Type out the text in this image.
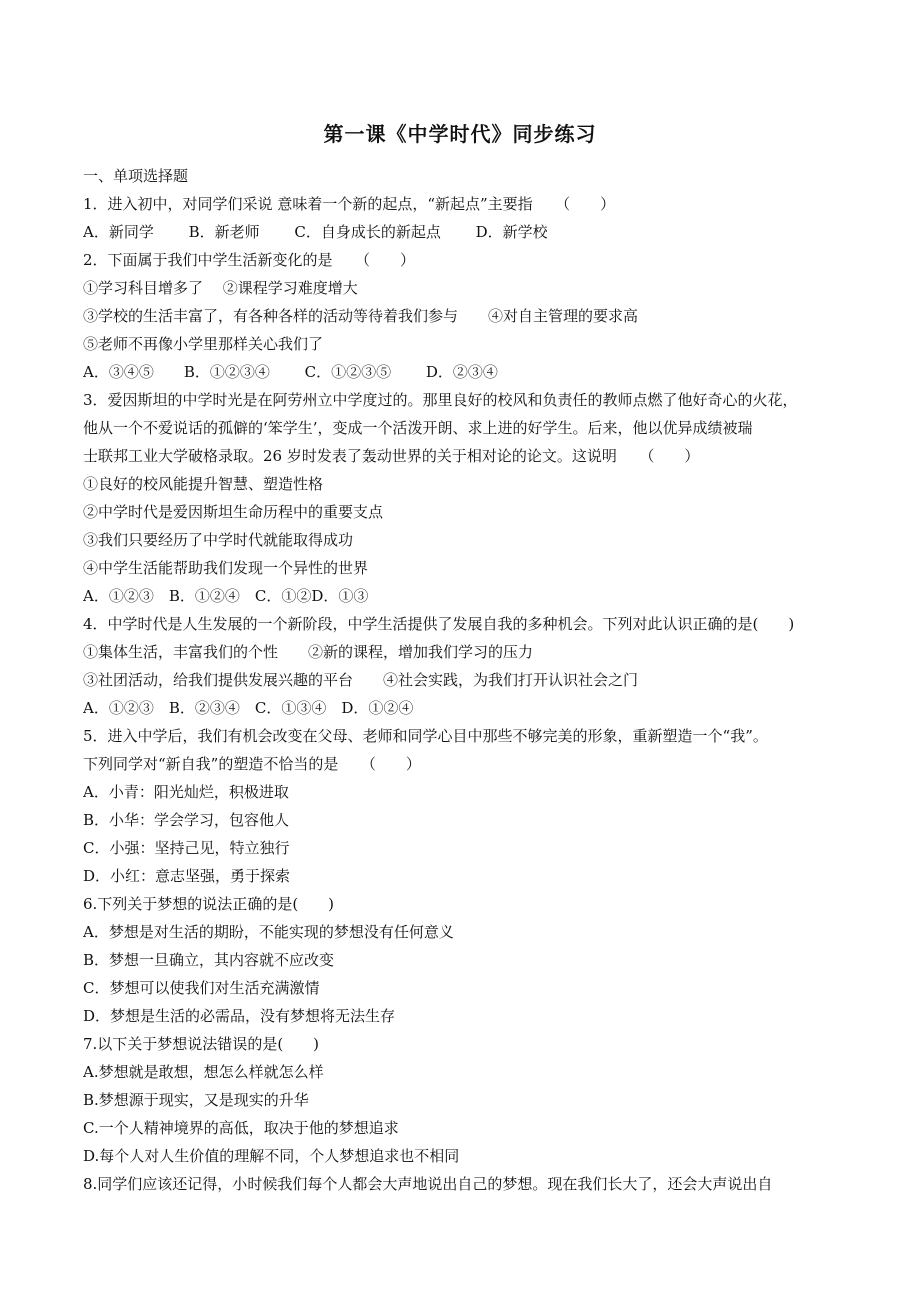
第一课《中学时代》同步练习
一、单项选择题
1．进入初中，对同学们采说 意味着一个新的起点，“新起点”主要指　　（　　）
A．新同学　　 B．新老师　　 C．自身成长的新起点　　 D．新学校
2．下面属于我们中学生活新变化的是　　（　　）
①学习科目增多了　 ②课程学习难度增大
③学校的生活丰富了，有各种各样的活动等待着我们参与　　④对自主管理的要求高
⑤老师不再像小学里那样关心我们了
A．③④⑤　　B．①②③④　　 C．①②③⑤　　 D．②③④
3．爱因斯坦的中学时光是在阿劳州立中学度过的。那里良好的校风和负责任的教师点燃了他好奇心的火花，
他从一个不爱说话的孤僻的‘笨学生’，变成一个活泼开朗、求上进的好学生。后来，他以优异成绩被瑞
士联邦工业大学破格录取。26 岁时发表了轰动世界的关于相对论的论文。这说明　　（　　）
①良好的校风能提升智慧、塑造性格
②中学时代是爱因斯坦生命历程中的重要支点
③我们只要经历了中学时代就能取得成功
④中学生活能帮助我们发现一个异性的世界
A．①②③　B．①②④　C．①②D．①③
4．中学时代是人生发展的一个新阶段，中学生活提供了发展自我的多种机会。下列对此认识正确的是(　　)
①集体生活，丰富我们的个性　　②新的课程，增加我们学习的压力
③社团活动，给我们提供发展兴趣的平台　　④社会实践，为我们打开认识社会之门
A．①②③　B．②③④　C．①③④　D．①②④
5．进入中学后，我们有机会改变在父母、老师和同学心目中那些不够完美的形象，重新塑造一个“我”。
下列同学对“新自我”的塑造不恰当的是　　（　　）
A．小青：阳光灿烂，积极进取
B．小华：学会学习，包容他人
C．小强：坚持己见，特立独行
D．小红：意志坚强，勇于探索
6.下列关于梦想的说法正确的是(　　)
A．梦想是对生活的期盼，不能实现的梦想没有任何意义
B．梦想一旦确立，其内容就不应改变
C．梦想可以使我们对生活充满激情
D．梦想是生活的必需品，没有梦想将无法生存
7.以下关于梦想说法错误的是(　　)
A.梦想就是敢想，想怎么样就怎么样
B.梦想源于现实，又是现实的升华
C.一个人精神境界的高低，取决于他的梦想追求
D.每个人对人生价值的理解不同，个人梦想追求也不相同
8.同学们应该还记得，小时候我们每个人都会大声地说出自己的梦想。现在我们长大了，还会大声说出自
